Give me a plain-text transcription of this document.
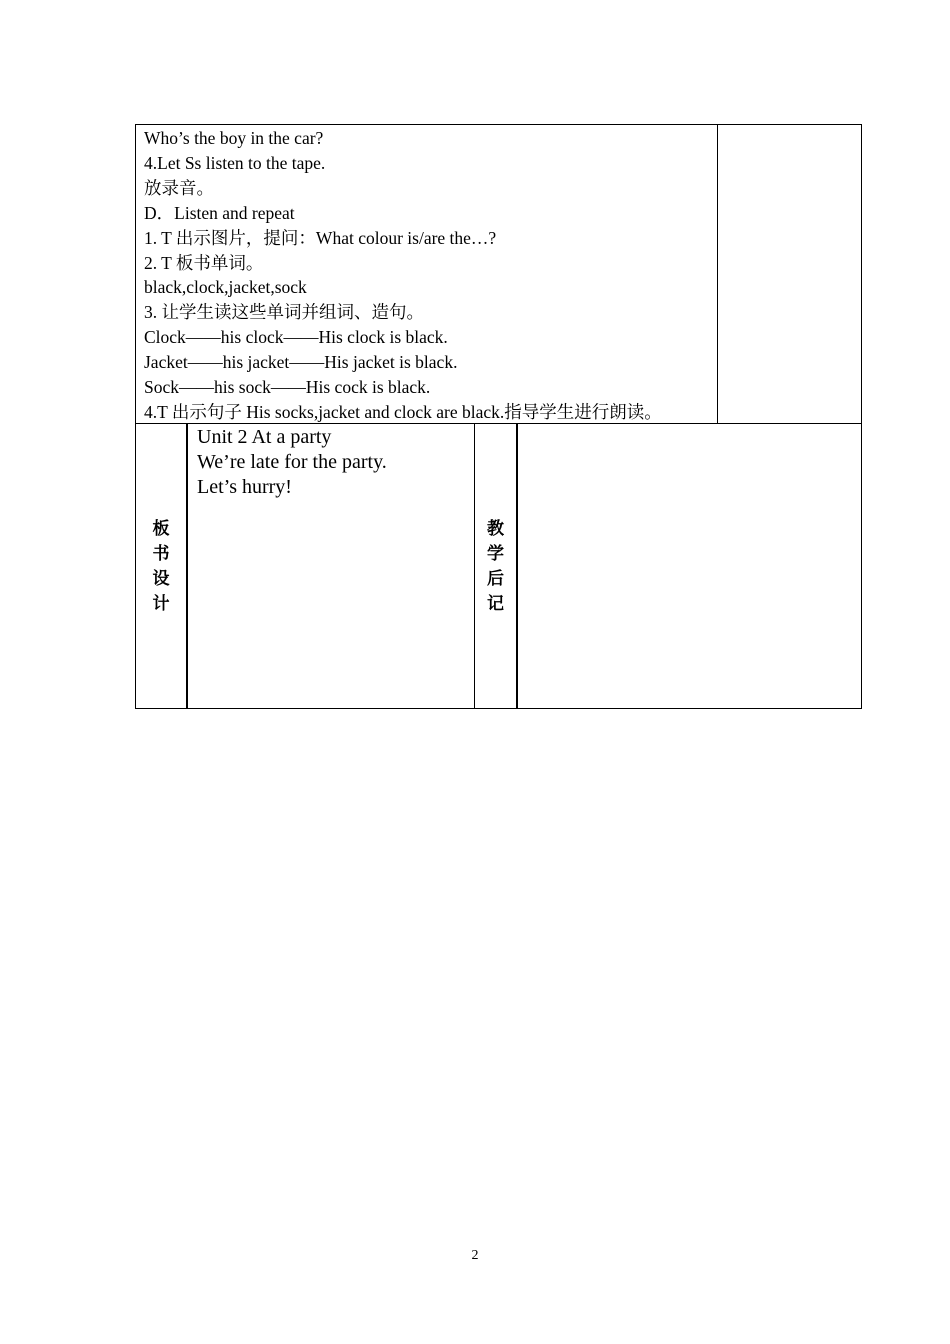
Who’s the boy in the car?
4.Let Ss listen to the tape.
放录音。
D．Listen and repeat
1. T 出示图片，提问：What colour is/are the…?
2. T 板书单词。
black,clock,jacket,sock
3. 让学生读这些单词并组词、造句。
Clock——his clock——His clock is black.
Jacket——his jacket——His jacket is black.
Sock——his sock——His cock is black.
4.T 出示句子 His socks,jacket and clock are black.指导学生进行朗读。
板
书
设
计
Unit 2 At a party
We’re late for the party.
Let’s hurry!
教
学
后
记
2
